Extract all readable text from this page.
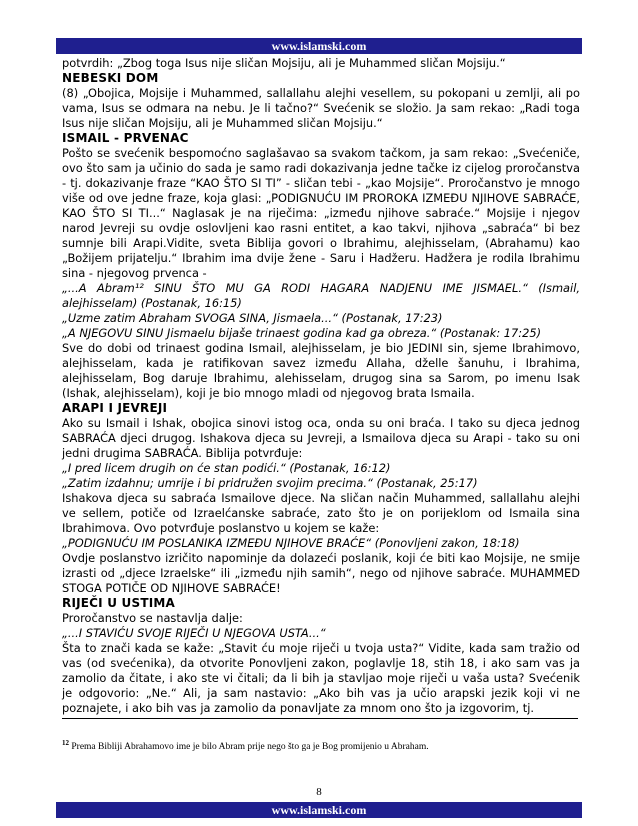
www.islamski.com

potvrdih: „Zbog toga Isus nije sličan Mojsiju, ali je Muhammed sličan Mojsiju.“

NEBESKI DOM

(8) „Obojica, Mojsije i Muhammed, sallallahu alejhi vesellem, su pokopani u zemlji, ali po vama, Isus se odmara na nebu. Je li tačno?“ Svećenik se složio. Ja sam rekao: „Radi toga Isus nije sličan Mojsiju, ali je Muhammed sličan Mojsiju.“

ISMAIL - PRVENAC

Pošto se svećenik bespomoćno saglašavao sa svakom tačkom, ja sam rekao: „Svećeniče, ovo što sam ja učinio do sada je samo radi dokazivanja jedne tačke iz cijelog proročanstva - tj. dokazivanje fraze “KAO ŠTO SI TI” - sličan tebi - „kao Mojsije“. Proročanstvo je mnogo više od ove jedne fraze, koja glasi: „PODIGNUĆU IM PROROKA IZMEĐU NJIHOVE SABRAĆE, KAO ŠTO SI TI...“ Naglasak je na riječima: „između njihove sabraće.“ Mojsije i njegov narod Jevreji su ovdje oslovljeni kao rasni entitet, a kao takvi, njihova „sabraća“ bi bez sumnje bili Arapi.Vidite, sveta Biblija govori o Ibrahimu, alejhisselam, (Abrahamu) kao „Božijem prijatelju.“ Ibrahim ima dvije žene - Saru i Hadžeru. Hadžera je rodila Ibrahimu sina - njegovog prvenca -

„...A Abram¹² SINU ŠTO MU GA RODI HAGARA NADJENU IME JISMAEL.“ (Ismail, alejhisselam) (Postanak, 16:15)

„Uzme zatim Abraham SVOGA SINA, Jismaela...“ (Postanak, 17:23)

„A NJEGOVU SINU Jismaelu bijaše trinaest godina kad ga obreza.“ (Postanak: 17:25)

Sve do dobi od trinaest godina Ismail, alejhisselam, je bio JEDINI sin, sjeme Ibrahimovo, alejhisselam, kada je ratifikovan savez između Allaha, dželle šanuhu, i Ibrahima, alejhisselam, Bog daruje Ibrahimu, alehisselam, drugog sina sa Sarom, po imenu Isak (Ishak, alejhisselam), koji je bio mnogo mladi od njegovog brata Ismaila.

ARAPI I JEVREJI

Ako su Ismail i Ishak, obojica sinovi istog oca, onda su oni braća. I tako su djeca jednog SABRAĆA djeci drugog. Ishakova djeca su Jevreji, a Ismailova djeca su Arapi - tako su oni jedni drugima SABRAĆA. Biblija potvrđuje:

„I pred licem drugih on će stan podići.“ (Postanak, 16:12)

„Zatim izdahnu; umrije i bi pridružen svojim precima.“ (Postanak, 25:17)

Ishakova djeca su sabraća Ismailove djece. Na sličan način Muhammed, sallallahu alejhi ve sellem, potiče od Izraelćanske sabraće, zato što je on porijeklom od Ismaila sina Ibrahimova. Ovo potvrđuje poslanstvo u kojem se kaže:

„PODIGNUĆU IM POSLANIKA IZMEĐU NJIHOVE BRAĆE“ (Ponovljeni zakon, 18:18)

Ovdje poslanstvo izričito napominje da dolazeći poslanik, koji će biti kao Mojsije, ne smije izrasti od „djece Izraelske“ ili „između njih samih“, nego od njihove sabraće. MUHAMMED STOGA POTIČE OD NJIHOVE SABRAĆE!

RIJEČI U USTIMA

Proročanstvo se nastavlja dalje:

„...I STAVIĆU SVOJE RIJEČI U NJEGOVA USTA...“

Šta to znači kada se kaže: „Stavit ću moje riječi u tvoja usta?“ Vidite, kada sam tražio od vas (od svećenika), da otvorite Ponovljeni zakon, poglavlje 18, stih 18, i ako sam vas ja zamolio da čitate, i ako ste vi čitali; da li bih ja stavljao moje riječi u vaša usta? Svećenik je odgovorio: „Ne.“ Ali, ja sam nastavio: „Ako bih vas ja učio arapski jezik koji vi ne poznajete, i ako bih vas ja zamolio da ponavljate za mnom ono što ja izgovorim, tj.

$^{12}$ Prema Bibliji Abrahamovo ime je bilo Abram prije nego što ga je Bog promijenio u Abraham.
8
www.islamski.com
